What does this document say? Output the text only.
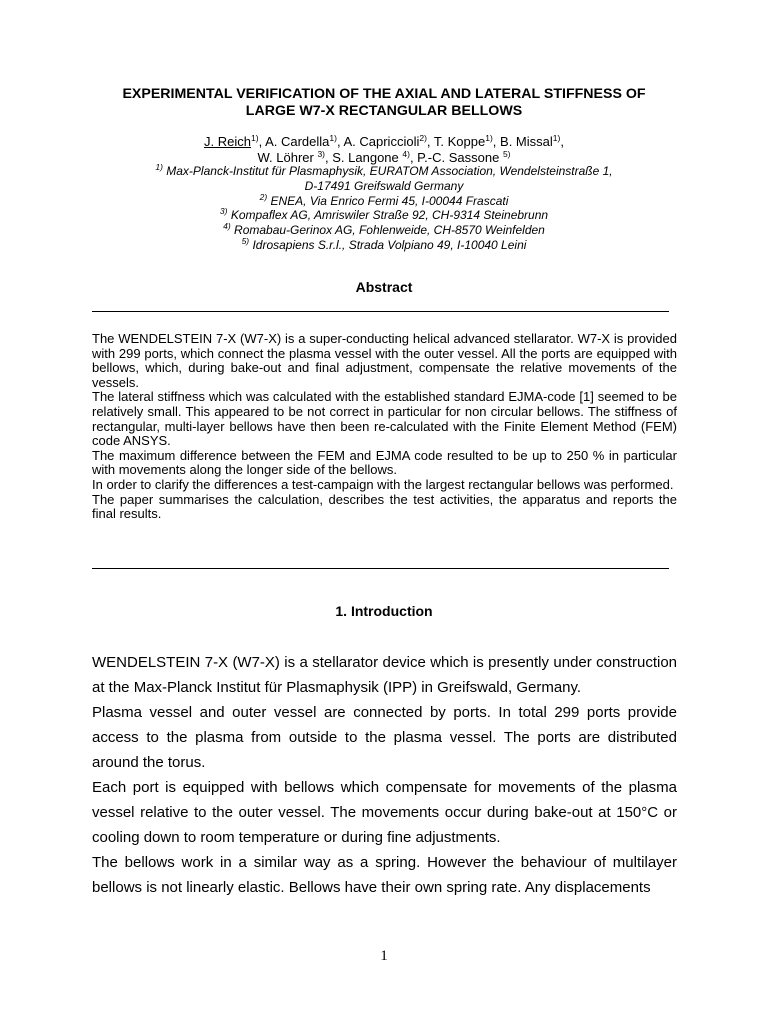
EXPERIMENTAL VERIFICATION OF THE AXIAL AND LATERAL STIFFNESS OF
LARGE W7-X RECTANGULAR BELLOWS
J. Reich$^{1)}$, A. Cardella$^{1)}$, A. Capriccioli$^{2)}$, T. Koppe$^{1)}$, B. Missal$^{1)}$,
W. Löhrer $^{3)}$, S. Langone $^{4)}$, P.-C. Sassone $^{5)}$
$^{1)}$ Max-Planck-Institut für Plasmaphysik, EURATOM Association, Wendelsteinstraße 1,
D-17491 Greifswald Germany
$^{2)}$ ENEA, Via Enrico Fermi 45, I-00044 Frascati
$^{3)}$ Kompaflex AG, Amriswiler Straße 92, CH-9314 Steinebrunn
$^{4)}$ Romabau-Gerinox AG, Fohlenweide, CH-8570 Weinfelden
$^{5)}$ Idrosapiens S.r.l., Strada Volpiano 49, I-10040 Leini
Abstract

The WENDELSTEIN 7-X (W7-X) is a super-conducting helical advanced stellarator. W7-X is provided with 299 ports, which connect the plasma vessel with the outer vessel. All the ports are equipped with bellows, which, during bake-out and final adjustment, compensate the relative movements of the vessels.

The lateral stiffness which was calculated with the established standard EJMA-code [1] seemed to be relatively small. This appeared to be not correct in particular for non circular bellows. The stiffness of rectangular, multi-layer bellows have then been re-calculated with the Finite Element Method (FEM) code ANSYS.

The maximum difference between the FEM and EJMA code resulted to be up to 250 % in particular with movements along the longer side of the bellows.

In order to clarify the differences a test-campaign with the largest rectangular bellows was performed.

The paper summarises the calculation, describes the test activities, the apparatus and reports the final results.

1. Introduction

WENDELSTEIN 7-X (W7-X) is a stellarator device which is presently under construction at the Max-Planck Institut für Plasmaphysik (IPP) in Greifswald, Germany.

Plasma vessel and outer vessel are connected by ports. In total 299 ports provide access to the plasma from outside to the plasma vessel. The ports are distributed around the torus.

Each port is equipped with bellows which compensate for movements of the plasma vessel relative to the outer vessel. The movements occur during bake-out at 150°C or cooling down to room temperature or during fine adjustments.

The bellows work in a similar way as a spring. However the behaviour of multilayer bellows is not linearly elastic. Bellows have their own spring rate. Any displacements

1
